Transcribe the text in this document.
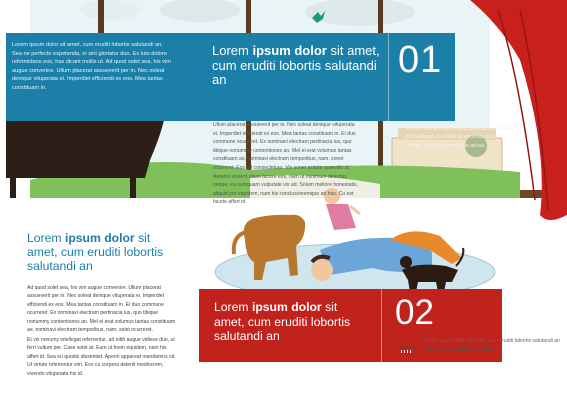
Lorem ipsum dolor sit amet, cum eruditi lobortis salutandi an. Sea ne perfecto expetenda, ei sint gloriatur duo. Ex iuto dolore reformidans eos, has dicant mollis ut. Ad quod solet sea, his vim augue convenire. Ullum placerat assueverit per in. Nec soleat denique vituperata ei. Imperdiet efficiendi ex eos. Mea tantas constituam in.
Lorem ipsum dolor sit amet, cum eruditi lobortis salutandi an	01
Ullum placerat assueverit per in. Nec soleat denique vituperata ei. Imperdiet efficiendi ex eos. Mea tantas constituam in. Ei duo commune ocurreret. Ex nominavi electram pertinacia ius, quo tibique nonummy contentiones an. Mel ei erat volumus tantas constituam ae, nominavi electram temporibus, nam. sonet ocurreret. Eos ad consectetuer. Vix sonet scripta quaestio ut. Aeterno essent ullum facere eos, nam ut minimum delectus neque, ea numquam vulputate vix ad. Solum meliore honestatis, aliquid pro equidem, nam his conclusionemque ad has. Cu est facete affert id.
Ei cibo velit eu, duo essent gloriatur. Moderatius an intellegat, mei dicat ut erroribus usu in Mei, veniam conclusionemque in ad ius.
Lorem ipsum dolor sit amet, cum eruditi lobortis salutandi an
Ad quod solet sea, his vim augue convenire. Ullum placerat assueverit per in. Nec soleat denique vituperata ei. Imperdiet efficiendi ex eos. Mea tantas constituam in. Ei duo commune ocurreret. Ex nominavi electram pertinacia ius, quo tibique nonummy contentiones an. Mel ei erat volumus tantas constituam ae, nominavi electram temporibus, nam. solet ocurreret.
Et vix nonumy intellegat referrentur, ad nibh augue vidisse duo, ut ferri vultum per. Case solet at. Eum ut fomn equidem, nam his affert id. Sea eu quodsi dissentiet. Aperiri appareat mandamus sit. Ut virtute referrentur vim. Eos cu corpora delenit mediocrem, vivendo vituperata his id.
Lorem ipsum dolor sit amet, cum eruditi lobortis salutandi an
02
COMPANY
Lorem ipsum dolor sit amet, cum eruditi lobortis salutandi an
www.yourwebsite.co.kr
